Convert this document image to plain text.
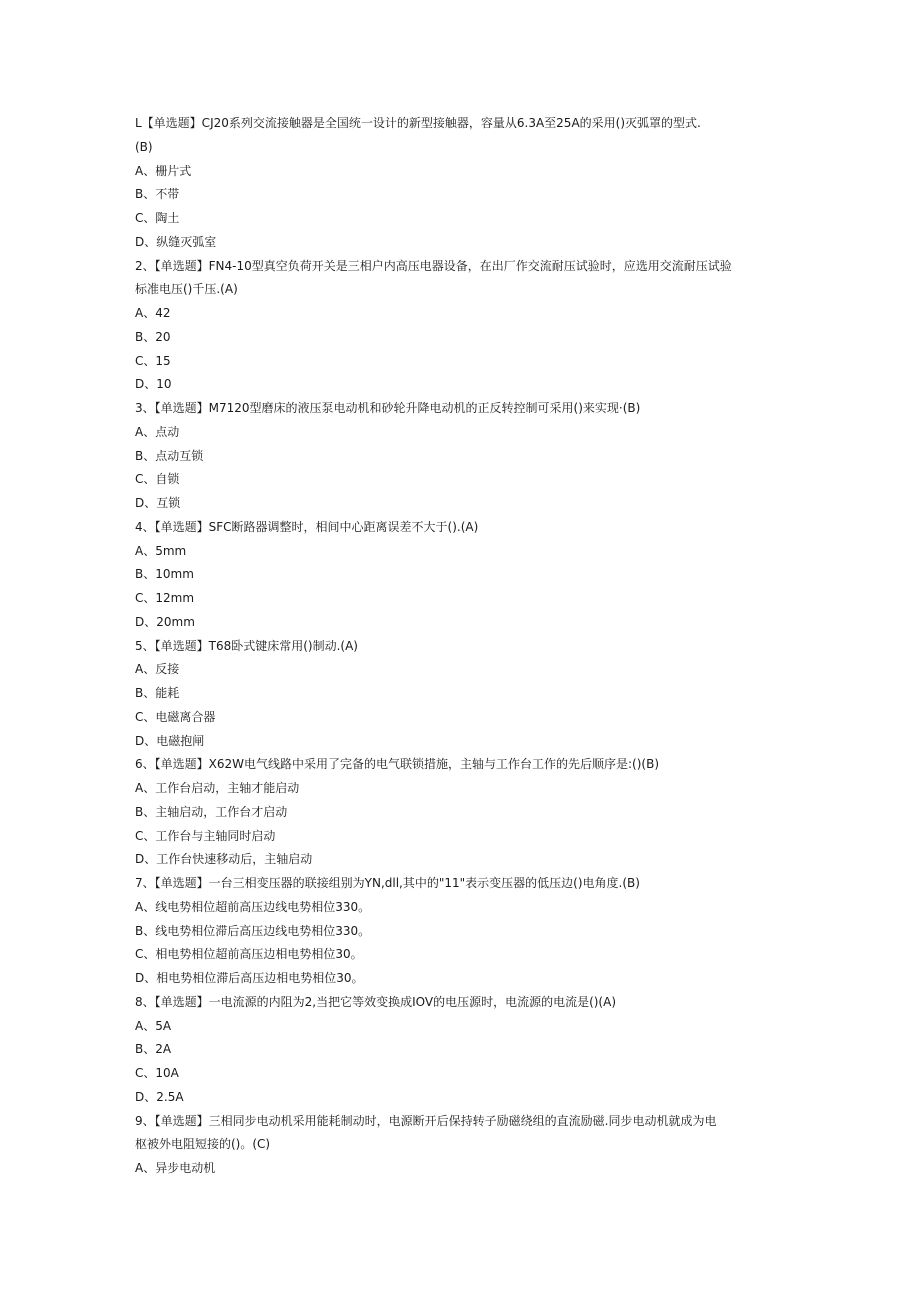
L【单选题】CJ20系列交流接触器是全国统一设计的新型接触器，容量从6.3A至25A的采用()灭弧罩的型式.
(B)
A、栅片式
B、不带
C、陶土
D、纵缝灭弧室
2、【单选题】FN4-10型真空负荷开关是三相户内高压电器设备，在出厂作交流耐压试验时，应选用交流耐压试验
标准电压()千压.(A)
A、42
B、20
C、15
D、10
3、【单选题】M7120型磨床的液压泵电动机和砂轮升降电动机的正反转控制可采用()来实现·(B)
A、点动
B、点动互锁
C、自锁
D、互锁
4、【单选题】SFC断路器调整时，相间中心距离误差不大于().(A)
A、5mm
B、10mm
C、12mm
D、20mm
5、【单选题】T68卧式键床常用()制动.(A)
A、反接
B、能耗
C、电磁离合器
D、电磁抱闸
6、【单选题】X62W电气线路中采用了完备的电气联锁措施，主轴与工作台工作的先后顺序是:()(B)
A、工作台启动，主轴才能启动
B、主轴启动，工作台才启动
C、工作台与主轴同时启动
D、工作台快速移动后，主轴启动
7、【单选题】一台三相变压器的联接组别为YN,dll,其中的"11"表示变压器的低压边()电角度.(B)
A、线电势相位超前高压边线电势相位330。
B、线电势相位滞后高压边线电势相位330。
C、相电势相位超前高压边相电势相位30。
D、相电势相位滞后高压边相电势相位30。
8、【单选题】一电流源的内阻为2,当把它等效变换成IOV的电压源时，电流源的电流是()(A)
A、5A
B、2A
C、10A
D、2.5A
9、【单选题】三相同步电动机采用能耗制动时，电源断开后保持转子励磁绕组的直流励磁.同步电动机就成为电
枢被外电阻短接的()。(C)
A、异步电动机
